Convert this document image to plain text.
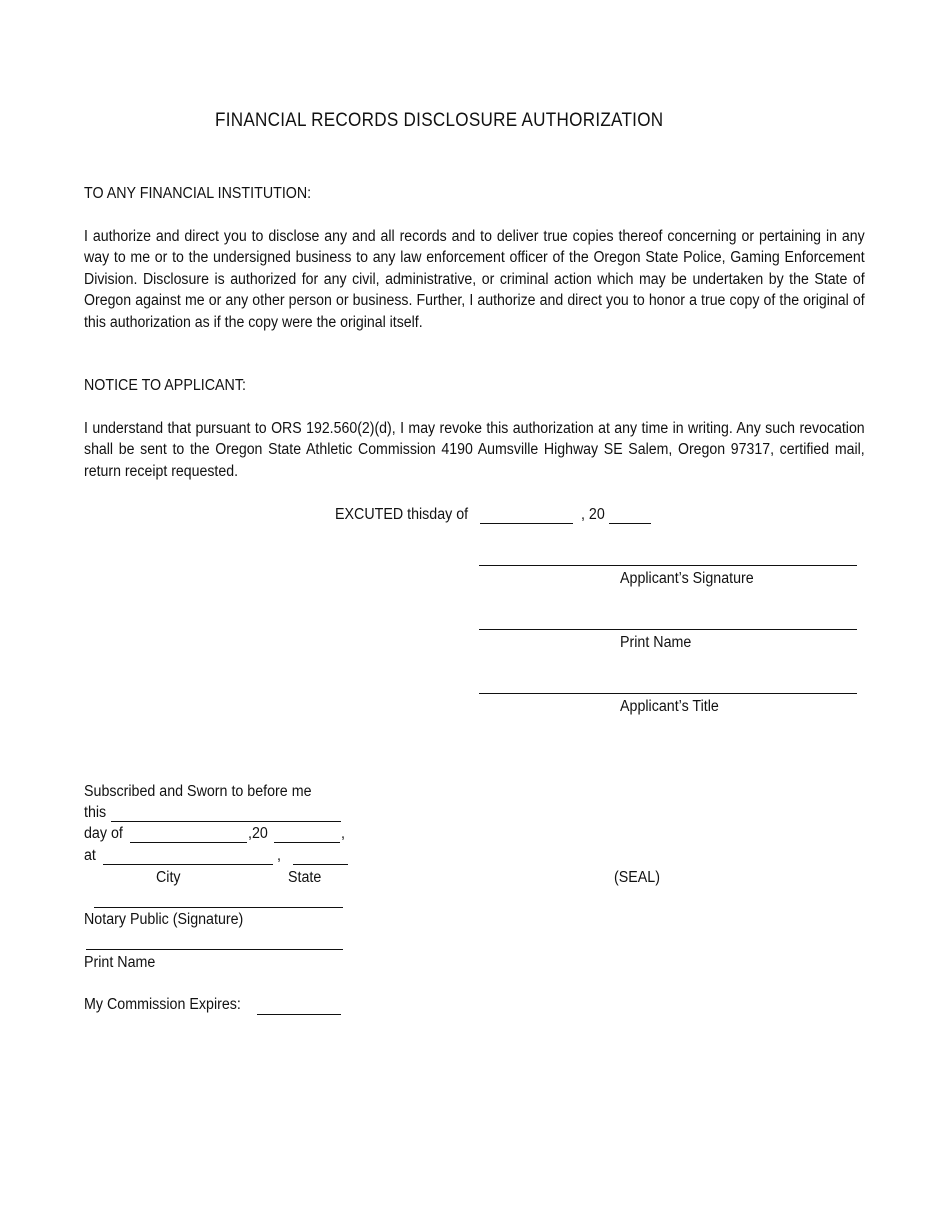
FINANCIAL RECORDS DISCLOSURE AUTHORIZATION
TO ANY FINANCIAL INSTITUTION:
I authorize and direct you to disclose any and all records and to deliver true copies thereof concerning or pertaining in any way to me or to the undersigned business to any law enforcement officer of the Oregon State Police, Gaming Enforcement Division. Disclosure is authorized for any civil, administrative, or criminal action which may be undertaken by the State of Oregon against me or any other person or business. Further, I authorize and direct you to honor a true copy of the original of this authorization as if the copy were the original itself.
NOTICE TO APPLICANT:
I understand that pursuant to ORS 192.560(2)(d), I may revoke this authorization at any time in writing. Any such revocation shall be sent to the Oregon State Athletic Commission 4190 Aumsville Highway SE Salem, Oregon 97317, certified mail, return receipt requested.
EXCUTED thisday of	, 20
Applicant’s Signature
Print Name
Applicant’s Title
Subscribed and Sworn to before me
this
day of	,20	,
at	,
City	State	(SEAL)
Notary Public (Signature)
Print Name
My Commission Expires:
